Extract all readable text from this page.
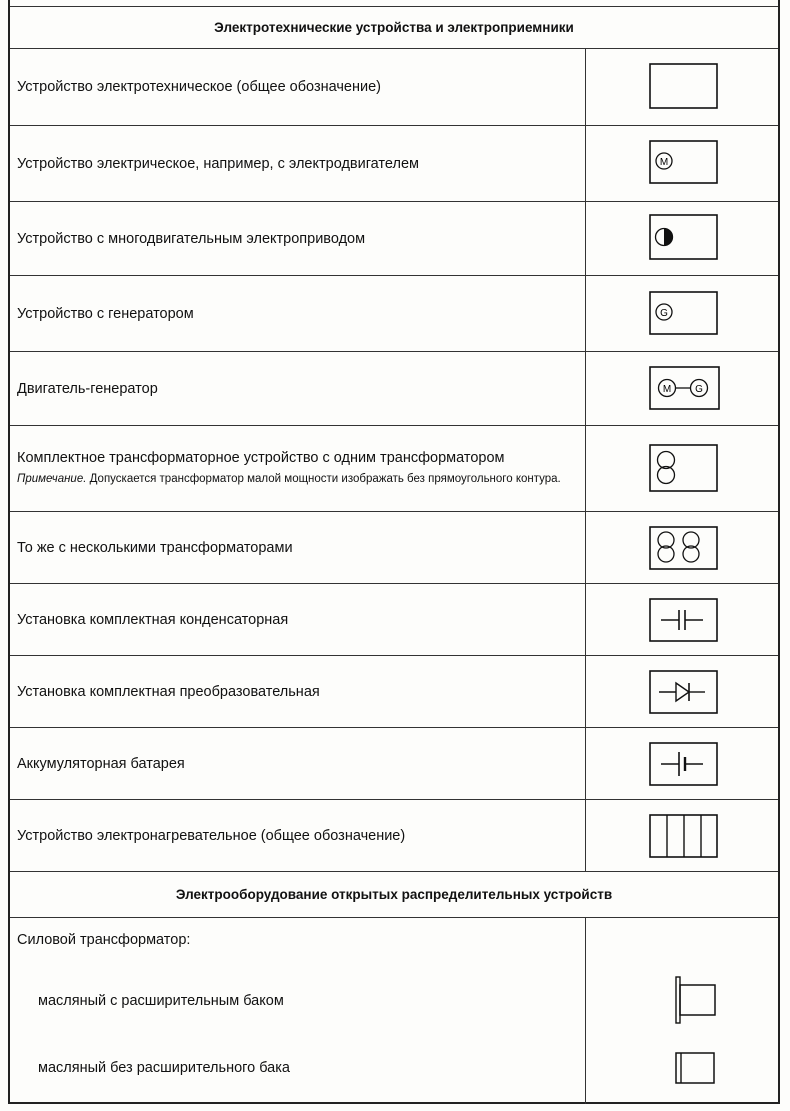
Электротехнические устройства и электроприемники
Устройство электротехническое (общее обозначение)
Устройство электрическое, например, с электродвигателем	M
Устройство с многодвигательным электроприводом
Устройство с генератором	G
Двигатель-генератор	M G
Комплектное трансформаторное устройство с одним трансформатором
Примечание. Допускается трансформатор малой мощности изображать без прямоугольного контура.
То же с несколькими трансформаторами
Установка комплектная конденсаторная
Установка комплектная преобразовательная
Аккумуляторная батарея
Устройство электронагревательное (общее обозначение)
Электрооборудование открытых распределительных устройств
Силовой трансформатор:
масляный с расширительным баком
масляный без расширительного бака
